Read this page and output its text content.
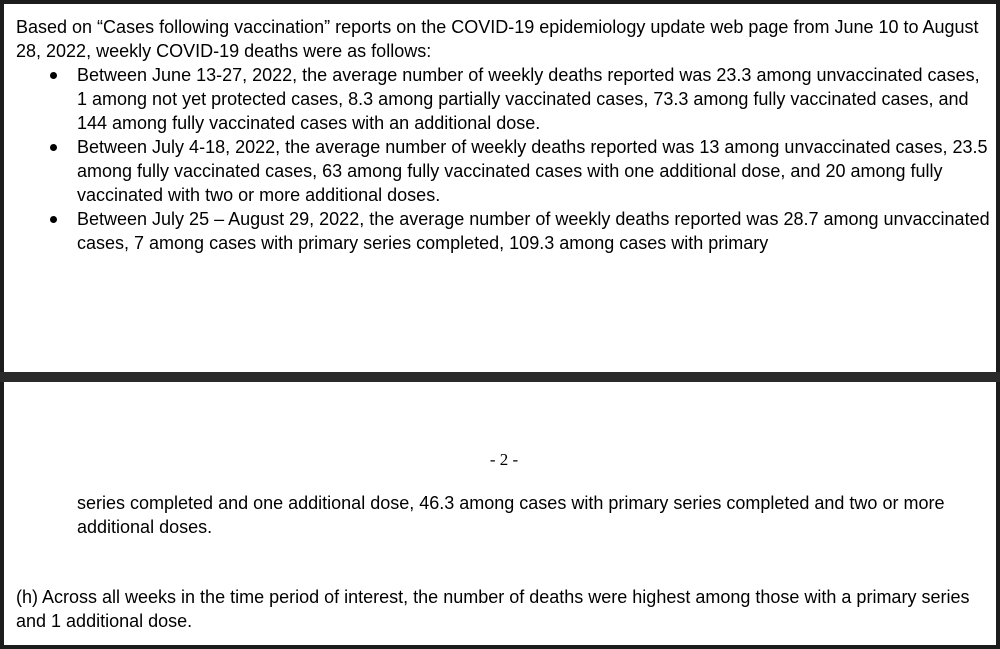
Based on “Cases following vaccination” reports on the COVID-19 epidemiology update web page from June 10 to August 28, 2022, weekly COVID-19 deaths were as follows:

Between June 13-27, 2022, the average number of weekly deaths reported was 23.3 among unvaccinated cases, 1 among not yet protected cases, 8.3 among partially vaccinated cases, 73.3 among fully vaccinated cases, and 144 among fully vaccinated cases with an additional dose.
Between July 4-18, 2022, the average number of weekly deaths reported was 13 among unvaccinated cases, 23.5 among fully vaccinated cases, 63 among fully vaccinated cases with one additional dose, and 20 among fully vaccinated with two or more additional doses.
Between July 25 – August 29, 2022, the average number of weekly deaths reported was 28.7 among unvaccinated cases, 7 among cases with primary series completed, 109.3 among cases with primary
- 2 -

series completed and one additional dose, 46.3 among cases with primary series completed and two or more additional doses.

(h) Across all weeks in the time period of interest, the number of deaths were highest among those with a primary series and 1 additional dose.
